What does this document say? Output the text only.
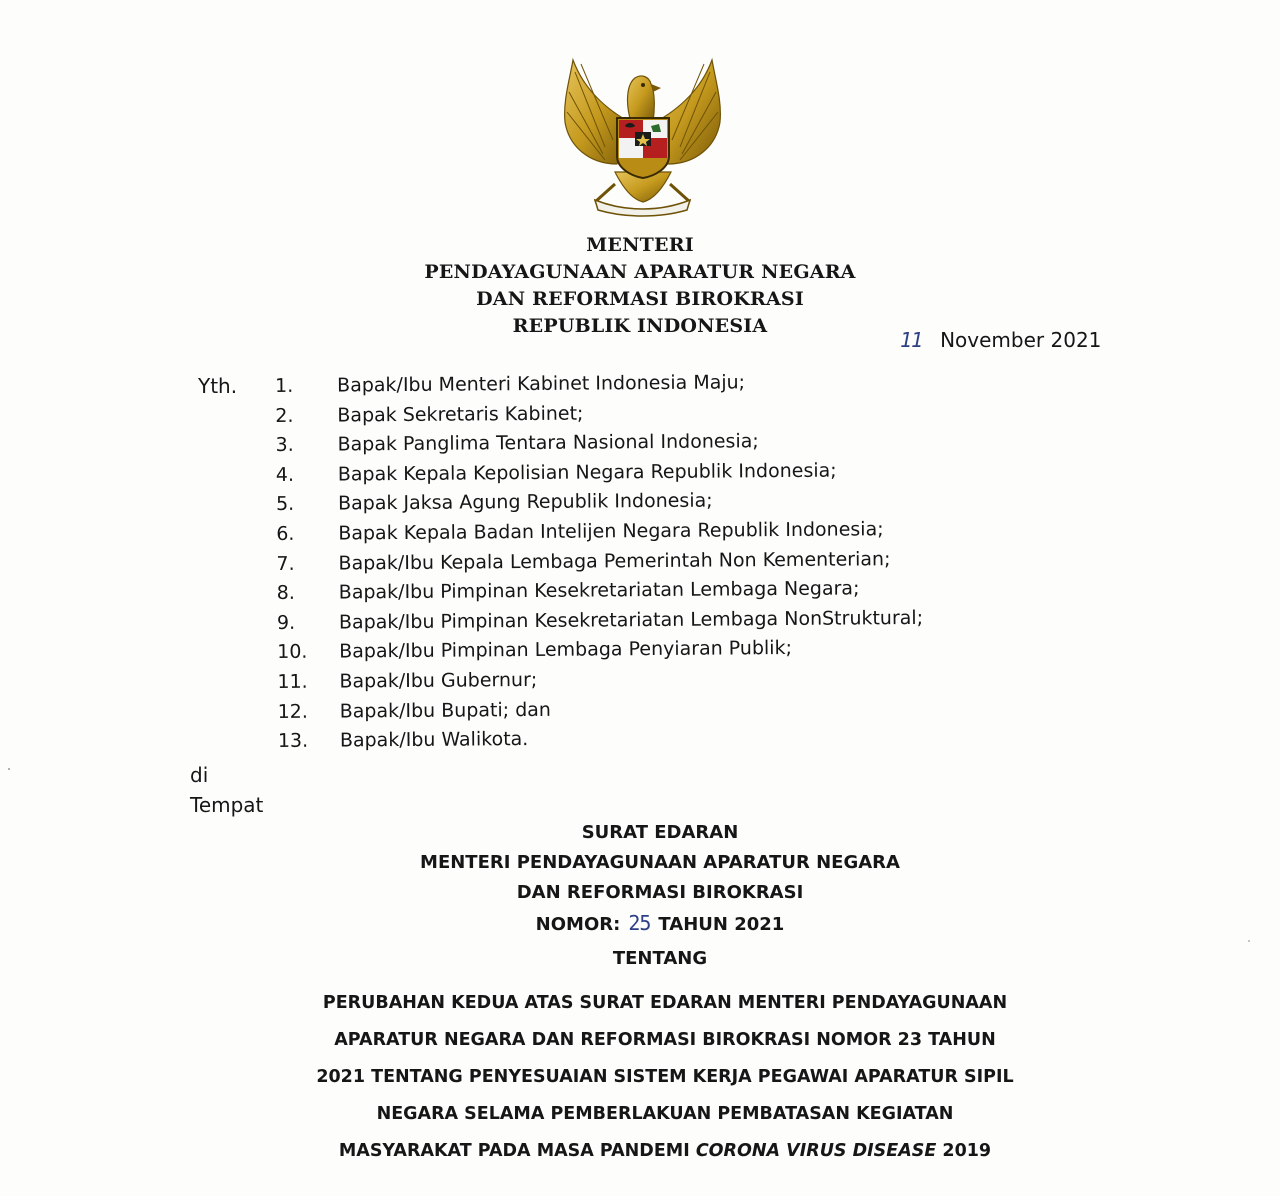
MENTERI
PENDAYAGUNAAN APARATUR NEGARA
DAN REFORMASI BIROKRASI
REPUBLIK INDONESIA
11 November 2021
Yth. 1.	Bapak/Ibu Menteri Kabinet Indonesia Maju;
2.	Bapak Sekretaris Kabinet;
3.	Bapak Panglima Tentara Nasional Indonesia;
4.	Bapak Kepala Kepolisian Negara Republik Indonesia;
5.	Bapak Jaksa Agung Republik Indonesia;
6.	Bapak Kepala Badan Intelijen Negara Republik Indonesia;
7.	Bapak/Ibu Kepala Lembaga Pemerintah Non Kementerian;
8.	Bapak/Ibu Pimpinan Kesekretariatan Lembaga Negara;
9.	Bapak/Ibu Pimpinan Kesekretariatan Lembaga NonStruktural;
10.	Bapak/Ibu Pimpinan Lembaga Penyiaran Publik;
11.	Bapak/Ibu Gubernur;
12.	Bapak/Ibu Bupati; dan
13.	Bapak/Ibu Walikota.
di
Tempat
SURAT EDARAN
MENTERI PENDAYAGUNAAN APARATUR NEGARA
DAN REFORMASI BIROKRASI
NOMOR: 25 TAHUN 2021
TENTANG
PERUBAHAN KEDUA ATAS SURAT EDARAN MENTERI PENDAYAGUNAAN
APARATUR NEGARA DAN REFORMASI BIROKRASI NOMOR 23 TAHUN
2021 TENTANG PENYESUAIAN SISTEM KERJA PEGAWAI APARATUR SIPIL
NEGARA SELAMA PEMBERLAKUAN PEMBATASAN KEGIATAN
MASYARAKAT PADA MASA PANDEMI CORONA VIRUS DISEASE 2019
